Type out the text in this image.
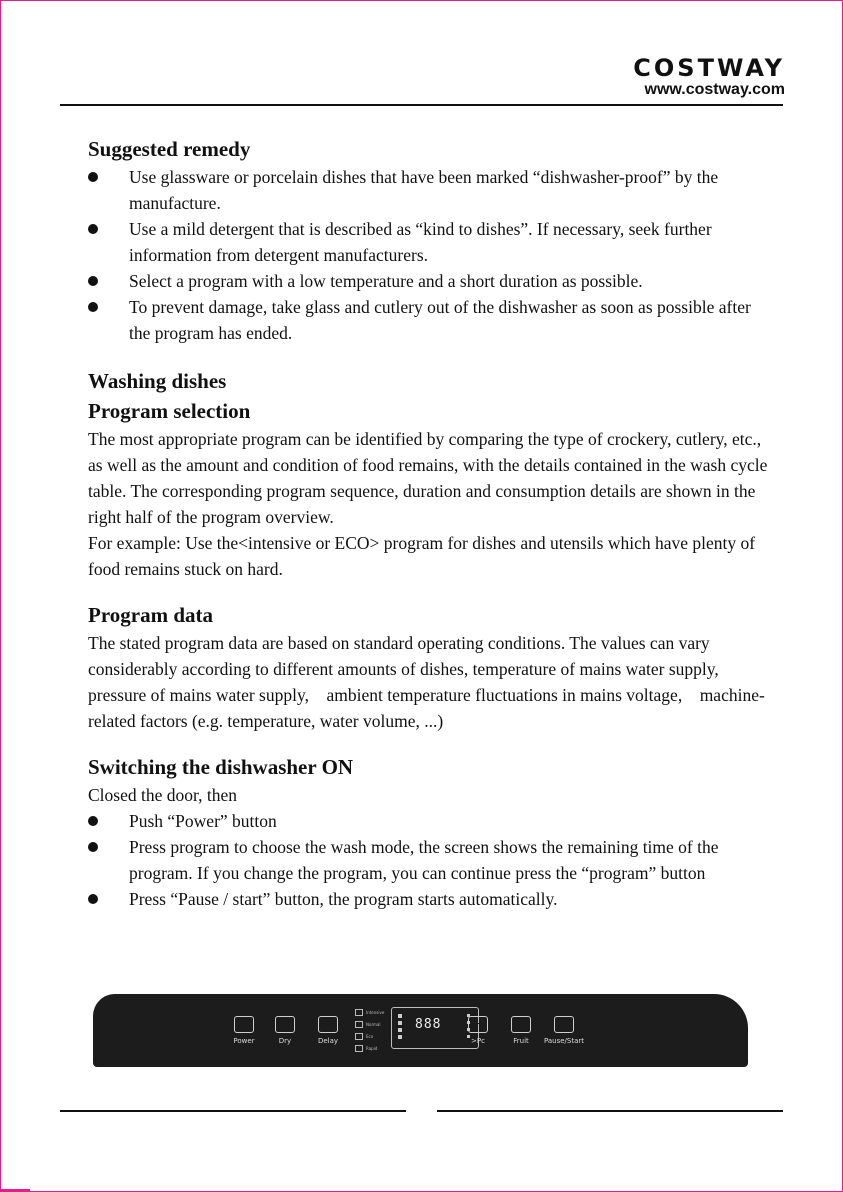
COSTWAY
www.costway.com
Suggested remedy
Use glassware or porcelain dishes that have been marked “dishwasher-proof” by the manufacture.
Use a mild detergent that is described as “kind to dishes”. If necessary, seek further information from detergent manufacturers.
Select a program with a low temperature and a short duration as possible.
To prevent damage, take glass and cutlery out of the dishwasher as soon as possible after the program has ended.
Washing dishes
Program selection

The most appropriate program can be identified by comparing the type of crockery, cutlery, etc., as well as the amount and condition of food remains, with the details contained in the wash cycle table. The corresponding program sequence, duration and consumption details are shown in the right half of the program overview.

For example: Use the<intensive or ECO> program for dishes and utensils which have plenty of food remains stuck on hard.

Program data

The stated program data are based on standard operating conditions. The values can vary considerably according to different amounts of dishes, temperature of mains water supply,    pressure of mains water supply,    ambient temperature fluctuations in mains voltage,    machine-related factors (e.g. temperature, water volume, ...)

Switching the dishwasher ON

Closed the door, then

Push “Power” button
Press program to choose the wash mode, the screen shows the remaining time of the program. If you change the program, you can continue press the “program” button
Press “Pause / start” button, the program starts automatically.
Power	Dry	Delay
Intensive
Normal
Eco
Rapid
888
>Pc	Fruit	Pause/Start
